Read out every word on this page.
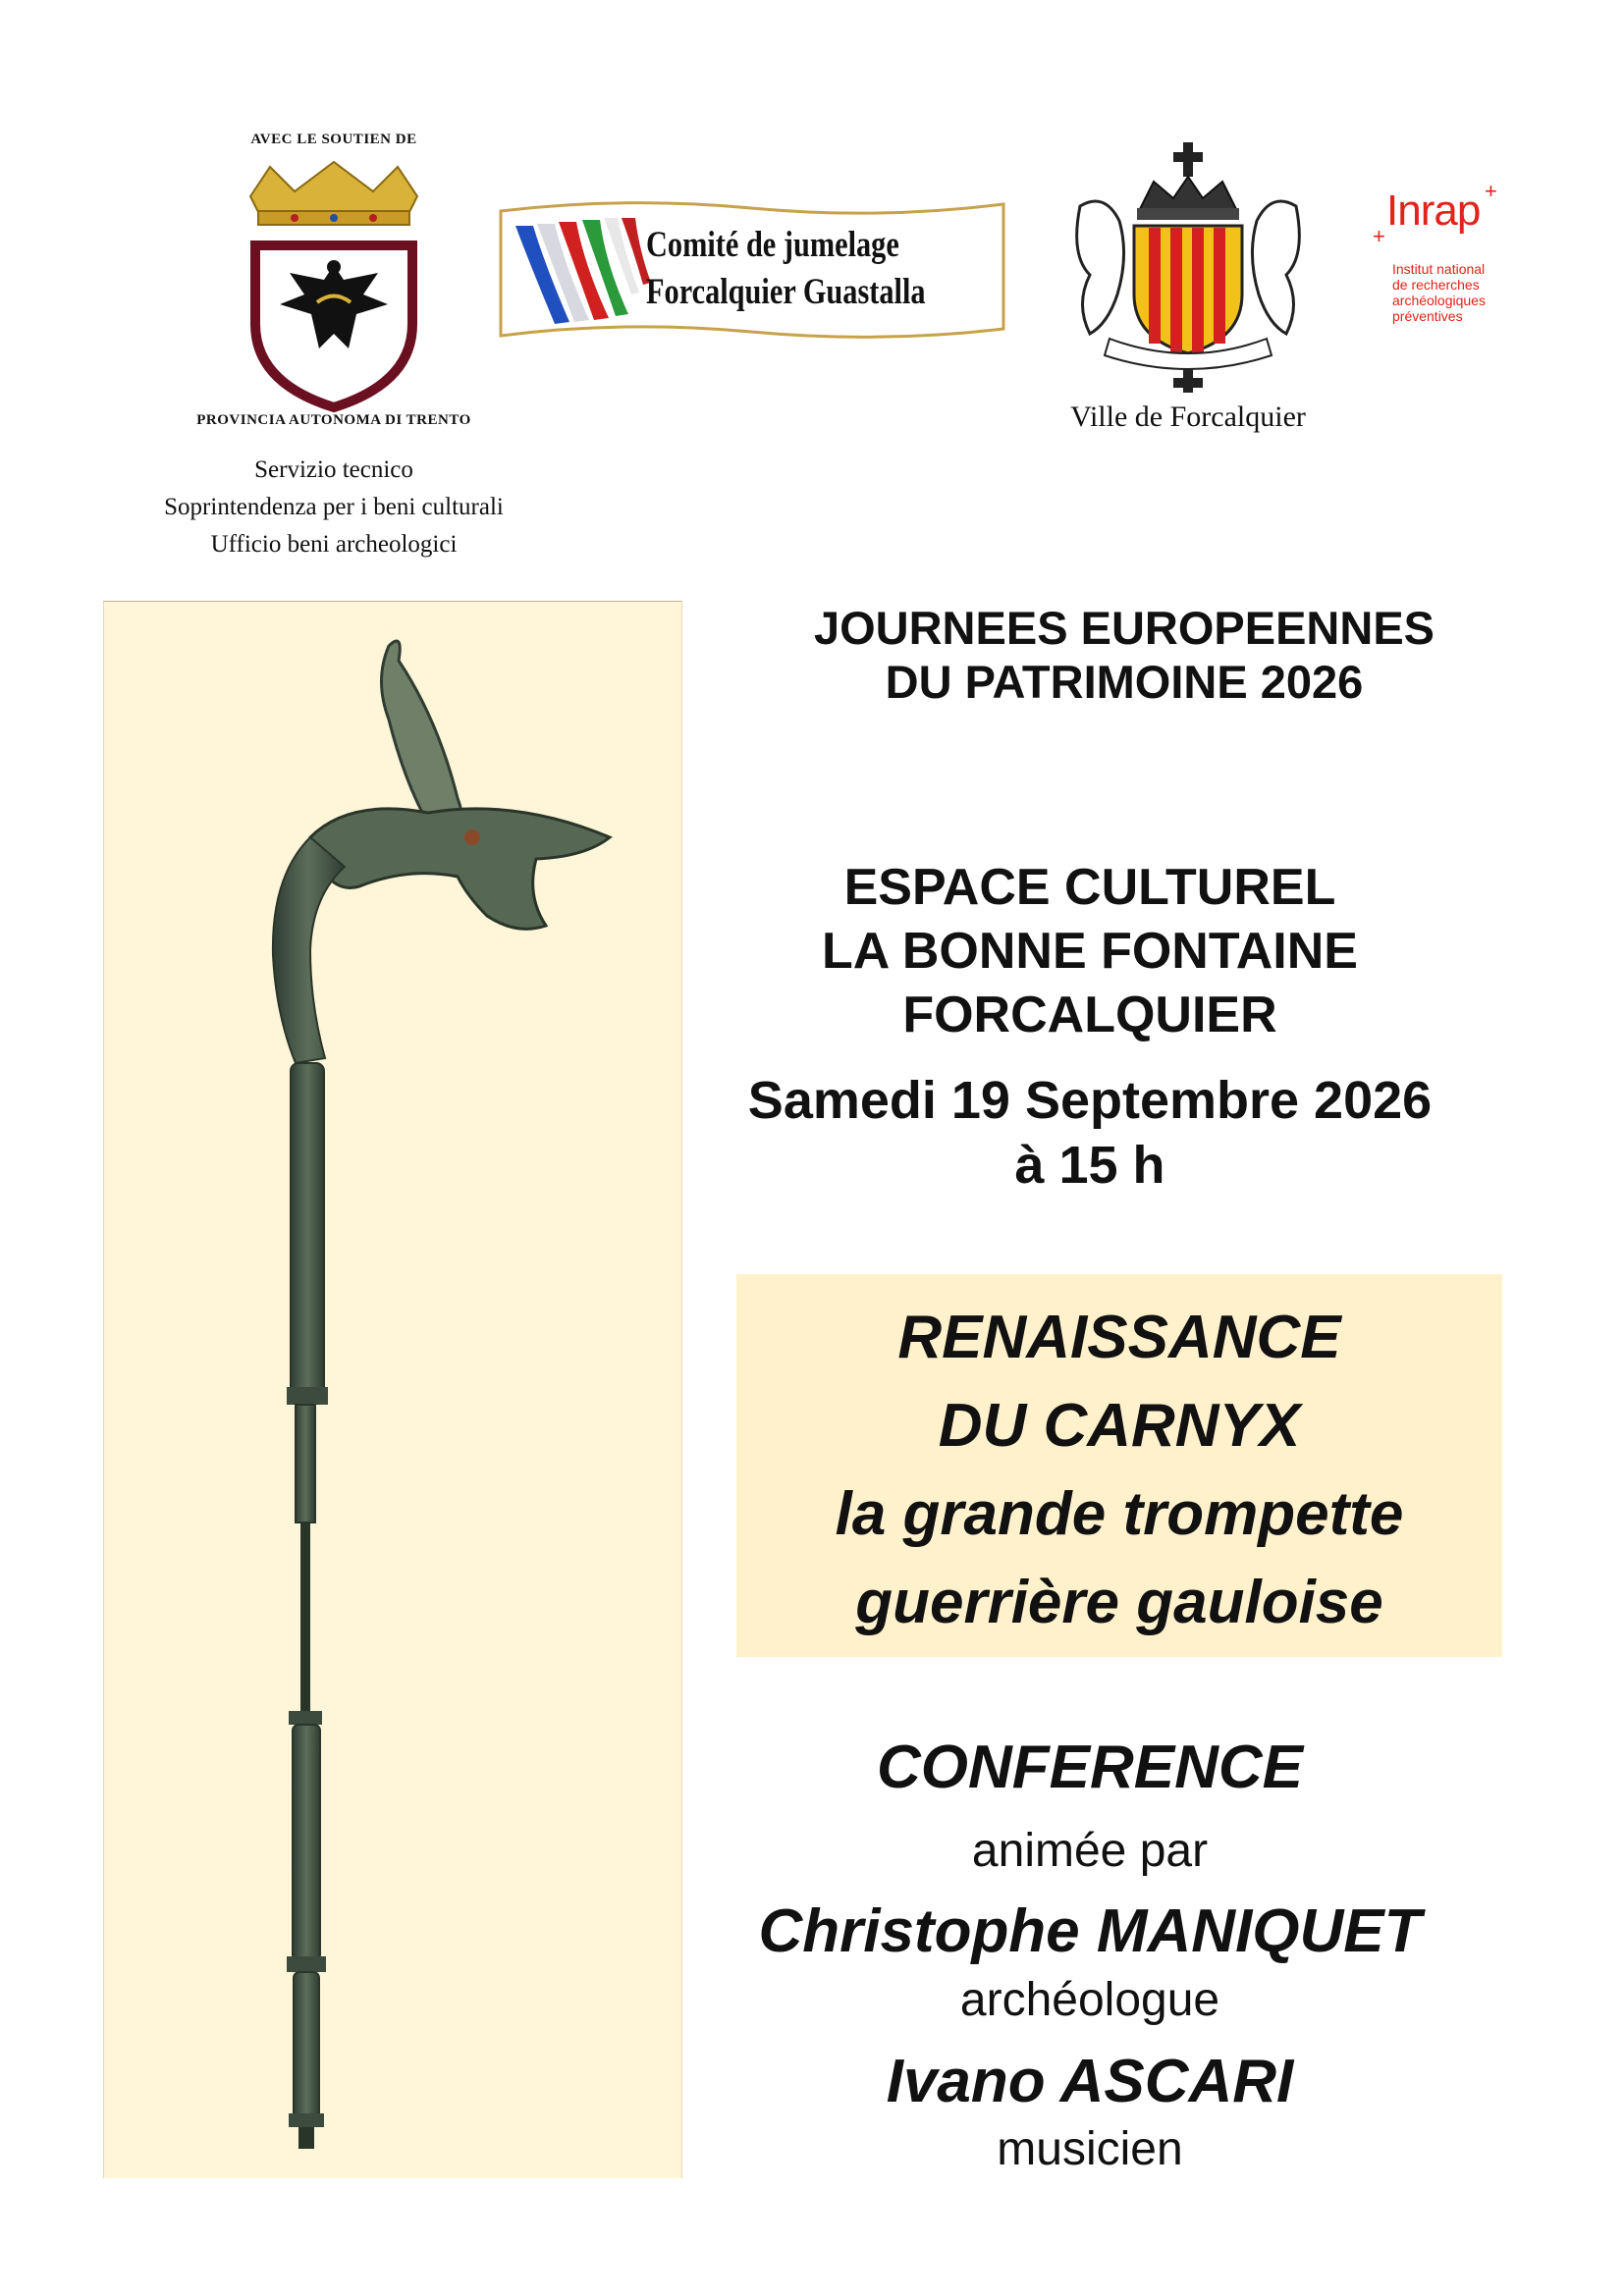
AVEC LE SOUTIEN DE
PROVINCIA AUTONOMA DI TRENTO
Servizio tecnico
Soprintendenza per i beni culturali
Ufficio beni archeologici
Comité de jumelage
Forcalquier Guastalla
Ville de Forcalquier
Inrap
+
+
Institut national
de recherches
archéologiques
préventives
JOURNEES EUROPEENNES
DU PATRIMOINE 2026
ESPACE CULTUREL
LA BONNE FONTAINE
FORCALQUIER
Samedi 19 Septembre 2026
à 15 h
RENAISSANCE
DU CARNYX
la grande trompette
guerrière gauloise
CONFERENCE
animée par
Christophe MANIQUET
archéologue
Ivano ASCARI
musicien
